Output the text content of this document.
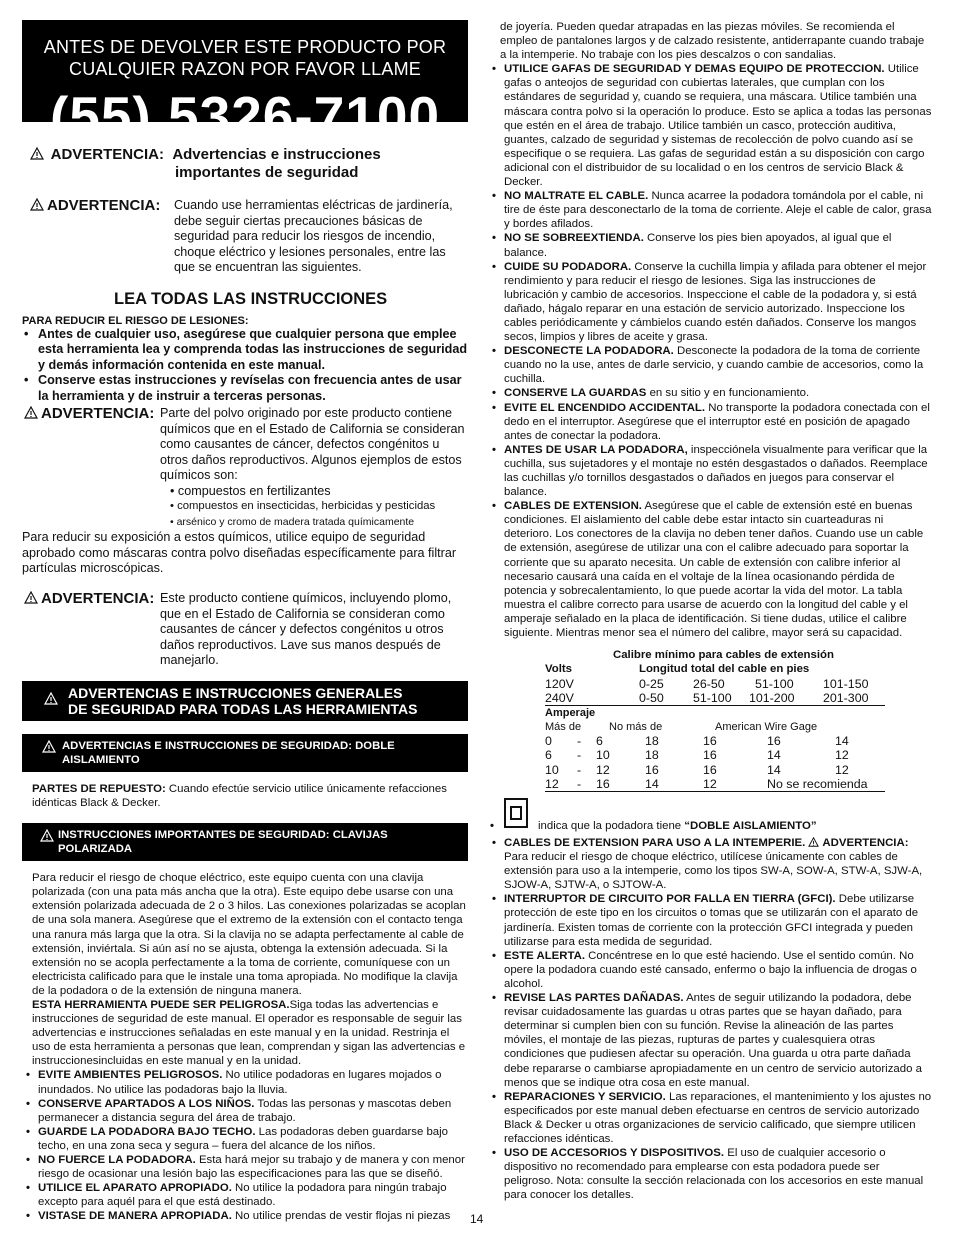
ANTES DE DEVOLVER ESTE PRODUCTO POR
CUALQUIER RAZON POR FAVOR LLAME
(55) 5326-7100
ADVERTENCIA: Advertencias e instrucciones
importantes de seguridad
ADVERTENCIA: Cuando use herramientas eléctricas de jardinería, debe seguir ciertas precauciones básicas de seguridad para reducir los riesgos de incendio, choque eléctrico y lesiones personales, entre las que se encuentran las siguientes.
LEA TODAS LAS INSTRUCCIONES
PARA REDUCIR EL RIESGO DE LESIONES:
• Antes de cualquier uso, asegúrese que cualquier persona que emplee esta herramienta lea y comprenda todas las instrucciones de seguridad y demás información contenida en este manual.
• Conserve estas instrucciones y revíselas con frecuencia antes de usar la herramienta y de instruir a terceras personas.
ADVERTENCIA: Parte del polvo originado por este producto contiene químicos que en el Estado de California se consideran como causantes de cáncer, defectos congénitos u otros daños reproductivos. Algunos ejemplos de estos químicos son:
• compuestos en fertilizantes
• compuestos en insecticidas, herbicidas y pesticidas
• arsénico y cromo de madera tratada químicamente

Para reducir su exposición a estos químicos, utilice equipo de seguridad aprobado como máscaras contra polvo diseñadas específicamente para filtrar partículas microscópicas.

ADVERTENCIA: Este producto contiene químicos, incluyendo plomo, que en el Estado de California se consideran como causantes de cáncer y defectos congénitos u otros daños reproductivos. Lave sus manos después de manejarlo.
ADVERTENCIAS E INSTRUCCIONES GENERALES
DE SEGURIDAD PARA TODAS LAS HERRAMIENTAS
ADVERTENCIAS E INSTRUCCIONES DE SEGURIDAD: DOBLE AISLAMIENTO

PARTES DE REPUESTO: Cuando efectúe servicio utilice únicamente refacciones idénticas Black & Decker.

INSTRUCCIONES IMPORTANTES DE SEGURIDAD: CLAVIJAS POLARIZADA

Para reducir el riesgo de choque eléctrico, este equipo cuenta con una clavija polarizada (con una pata más ancha que la otra). Este equipo debe usarse con una extensión polarizada adecuada de 2 o 3 hilos. Las conexiones polarizadas se acoplan de una sola manera. Asegúrese que el extremo de la extensión con el contacto tenga una ranura más larga que la otra. Si la clavija no se adapta perfectamente al cable de extensión, inviértala. Si aún así no se ajusta, obtenga la extensión adecuada. Si la extensión no se acopla perfectamente a la toma de corriente, comuníquese con un electricista calificado para que le instale una toma apropiada. No modifique la clavija de la podadora o de la extensión de ninguna manera.

ESTA HERRAMIENTA PUEDE SER PELIGROSA.Siga todas las advertencias e instrucciones de seguridad de este manual. El operador es responsable de seguir las advertencias e instrucciones señaladas en este manual y en la unidad. Restrinja el uso de esta herramienta a personas que lean, comprendan y sigan las advertencias e instruccionesincluidas en este manual y en la unidad.

• EVITE AMBIENTES PELIGROSOS. No utilice podadoras en lugares mojados o inundados. No utilice las podadoras bajo la lluvia.
• CONSERVE APARTADOS A LOS NIÑOS. Todas las personas y mascotas deben permanecer a distancia segura del área de trabajo.
• GUARDE LA PODADORA BAJO TECHO. Las podadoras deben guardarse bajo techo, en una zona seca y segura – fuera del alcance de los niños.
• NO FUERCE LA PODADORA. Esta hará mejor su trabajo y de manera y con menor riesgo de ocasionar una lesión bajo las especificaciones para las que se diseñó.
• UTILICE EL APARATO APROPIADO. No utilice la podadora para ningún trabajo excepto para aquél para el que está destinado.
• VISTASE DE MANERA APROPIADA. No utilice prendas de vestir flojas ni piezas

de joyería. Pueden quedar atrapadas en las piezas móviles. Se recomienda el empleo de pantalones largos y de calzado resistente, antiderrapante cuando trabaje a la intemperie. No trabaje con los pies descalzos o con sandalias.

• UTILICE GAFAS DE SEGURIDAD Y DEMAS EQUIPO DE PROTECCION. Utilice gafas o anteojos de seguridad con cubiertas laterales, que cumplan con los estándares de seguridad y, cuando se requiera, una máscara. Utilice también una máscara contra polvo si la operación lo produce. Esto se aplica a todas las personas que estén en el área de trabajo. Utilice también un casco, protección auditiva, guantes, calzado de seguridad y sistemas de recolección de polvo cuando así se especifique o se requiera. Las gafas de seguridad están a su disposición con cargo adicional con el distribuidor de su localidad o en los centros de servicio Black & Decker.
• NO MALTRATE EL CABLE. Nunca acarree la podadora tomándola por el cable, ni tire de éste para desconectarlo de la toma de corriente. Aleje el cable de calor, grasa y bordes afilados.
• NO SE SOBREEXTIENDA. Conserve los pies bien apoyados, al igual que el balance.
• CUIDE SU PODADORA. Conserve la cuchilla limpia y afilada para obtener el mejor rendimiento y para reducir el riesgo de lesiones. Siga las instrucciones de lubricación y cambio de accesorios. Inspeccione el cable de la podadora y, si está dañado, hágalo reparar en una estación de servicio autorizado. Inspeccione los cables periódicamente y cámbielos cuando estén dañados. Conserve los mangos secos, limpios y libres de aceite y grasa.
• DESCONECTE LA PODADORA. Desconecte la podadora de la toma de corriente cuando no la use, antes de darle servicio, y cuando cambie de accesorios, como la cuchilla.
• CONSERVE LA GUARDAS en su sitio y en funcionamiento.
• EVITE EL ENCENDIDO ACCIDENTAL. No transporte la podadora conectada con el dedo en el interruptor. Asegúrese que el interruptor esté en posición de apagado antes de conectar la podadora.
• ANTES DE USAR LA PODADORA, inspecciónela visualmente para verificar que la cuchilla, sus sujetadores y el montaje no estén desgastados o dañados. Reemplace las cuchillas y/o tornillos desgastados o dañados en juegos para conservar el balance.
• CABLES DE EXTENSION. Asegúrese que el cable de extensión esté en buenas condiciones. El aislamiento del cable debe estar intacto sin cuarteaduras ni deterioro. Los conectores de la clavija no deben tener daños. Cuando use un cable de extensión, asegúrese de utilizar una con el calibre adecuado para soportar la corriente que su aparato necesita. Un cable de extensión con calibre inferior al necesario causará una caída en el voltaje de la línea ocasionando pérdida de potencia y sobrecalentamiento, lo que puede acortar la vida del motor. La tabla muestra el calibre correcto para usarse de acuerdo con la longitud del cable y el amperaje señalado en la placa de identificación. Si tiene dudas, utilice el calibre siguiente. Mientras menor sea el número del calibre, mayor será su capacidad.
Calibre mínimo para cables de extensión
Volts	Longitud total del cable en pies
120V	0-25 26-50 51-100 101-150
240V	0-50 51-100 101-200 201-300
Amperaje
Más de	No más de	American Wire Gage
0 - 6	18	16	16	14
6 - 10	18	16	14	12
10 - 12	16	16	14	12
12 - 16	14	12	No se recomienda
•	indica que la podadora tiene “DOBLE AISLAMIENTO”
• CABLES DE EXTENSION PARA USO A LA INTEMPERIE. ADVERTENCIA: Para reducir el riesgo de choque eléctrico, utilícese únicamente con cables de extensión para uso a la intemperie, como los tipos SW-A, SOW-A, STW-A, SJW-A, SJOW-A, SJTW-A, o SJTOW-A.
• INTERRUPTOR DE CIRCUITO POR FALLA EN TIERRA (GFCI). Debe utilizarse protección de este tipo en los circuitos o tomas que se utilizarán con el aparato de jardinería. Existen tomas de corriente con la protección GFCI integrada y pueden utilizarse para esta medida de seguridad.
• ESTE ALERTA. Concéntrese en lo que esté haciendo. Use el sentido común. No opere la podadora cuando esté cansado, enfermo o bajo la influencia de drogas o alcohol.
• REVISE LAS PARTES DAÑADAS. Antes de seguir utilizando la podadora, debe revisar cuidadosamente las guardas u otras partes que se hayan dañado, para determinar si cumplen bien con su función. Revise la alineación de las partes móviles, el montaje de las piezas, rupturas de partes y cualesquiera otras condiciones que pudiesen afectar su operación. Una guarda u otra parte dañada debe repararse o cambiarse apropiadamente en un centro de servicio autorizado a menos que se indique otra cosa en este manual.
• REPARACIONES Y SERVICIO. Las reparaciones, el mantenimiento y los ajustes no especificados por este manual deben efectuarse en centros de servicio autorizado Black & Decker u otras organizaciones de servicio calificado, que siempre utilicen refacciones idénticas.
• USO DE ACCESORIOS Y DISPOSITIVOS. El uso de cualquier accesorio o dispositivo no recomendado para emplearse con esta podadora puede ser peligroso. Nota: consulte la sección relacionada con los accesorios en este manual para conocer los detalles.
14
